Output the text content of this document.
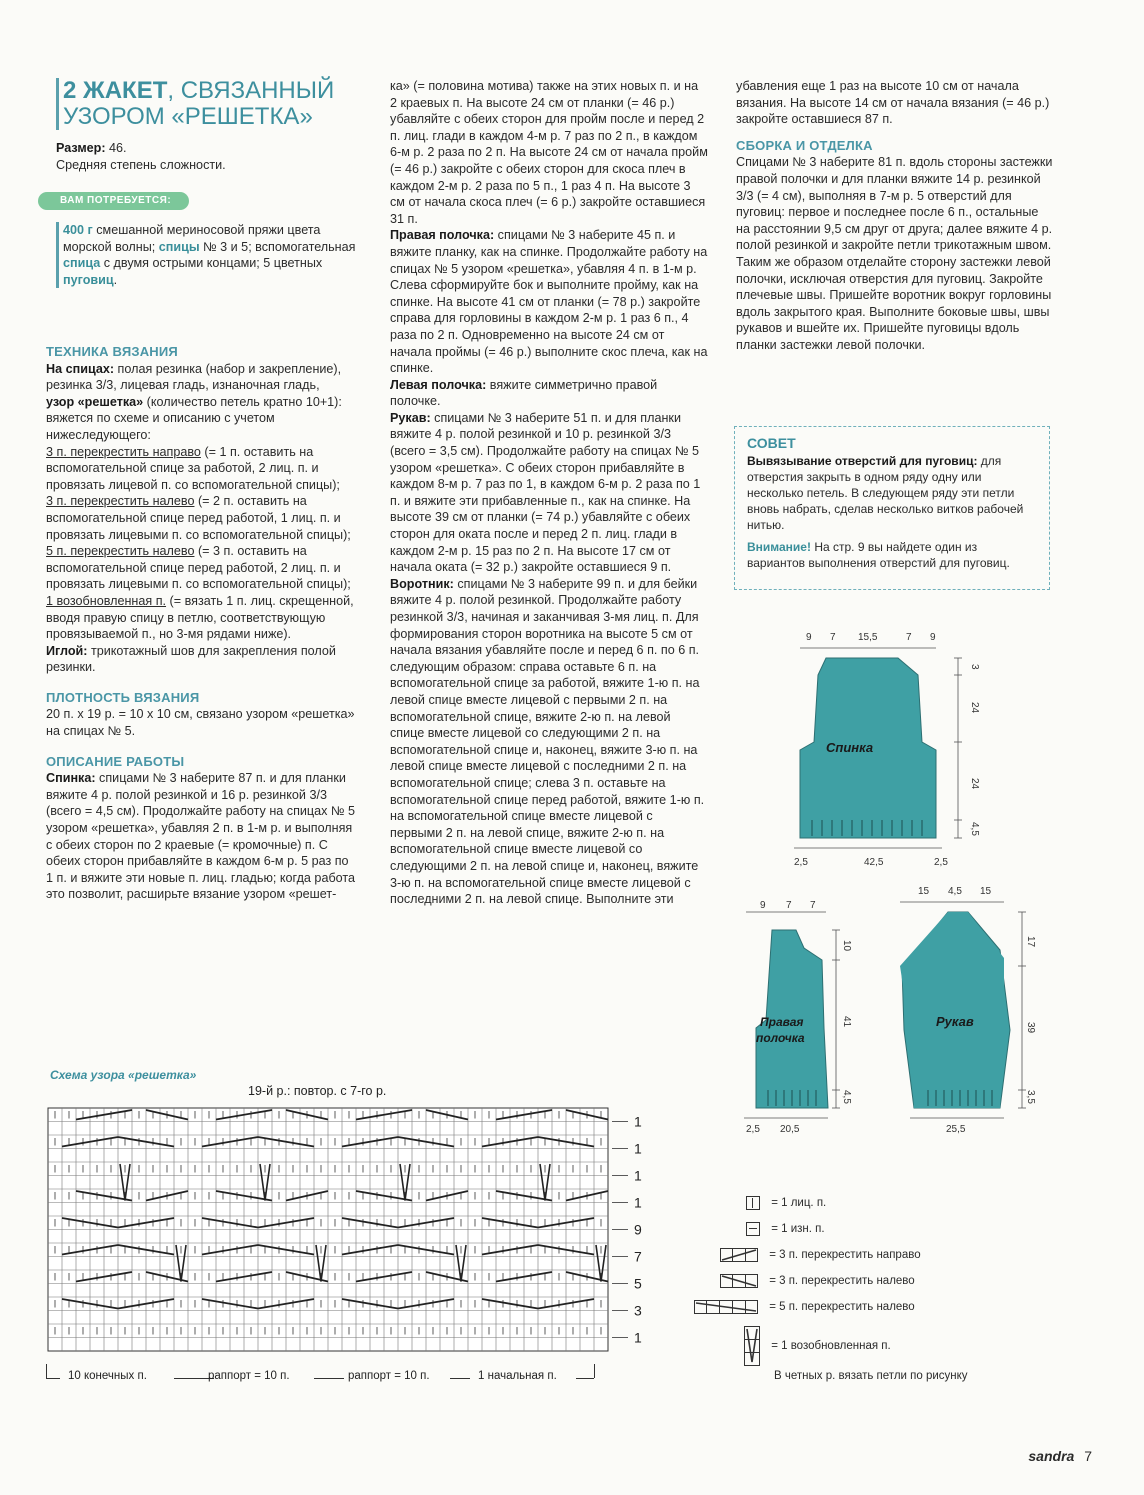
2 ЖАКЕТ, СВЯЗАННЫЙ УЗОРОМ «РЕШЕТКА»

Размер: 46.

Средняя степень сложности.

ВАМ ПОТРЕБУЕТСЯ:
400 г смешанной мериносовой пряжи цвета морской волны; спицы № 3 и 5; вспомогательная спица с двумя острыми концами; 5 цветных пуговиц.
ТЕХНИКА ВЯЗАНИЯ

На спицах: полая резинка (набор и закрепление), резинка 3/3, лицевая гладь, изнаночная гладь,

узор «решетка» (количество петель кратно 10+1): вяжется по схеме и описанию с учетом нижеследующего:

3 п. перекрестить направо (= 1 п. оставить на вспомогательной спице за работой, 2 лиц. п. и провязать лицевой п. со вспомогательной спицы);

3 п. перекрестить налево (= 2 п. оставить на вспомогательной спице перед работой, 1 лиц. п. и провязать лицевыми п. со вспомогательной спицы);

5 п. перекрестить налево (= 3 п. оставить на вспомогательной спице перед работой, 2 лиц. п. и провязать лицевыми п. со вспомогательной спицы);

1 возобновленная п. (= вязать 1 п. лиц. скрещенной, вводя правую спицу в петлю, соответствующую провязываемой п., но 3-мя рядами ниже).

Иглой: трикотажный шов для закрепления полой резинки.

ПЛОТНОСТЬ ВЯЗАНИЯ

20 п. х 19 р. = 10 х 10 см, связано узором «решетка» на спицах № 5.

ОПИСАНИЕ РАБОТЫ

Спинка: спицами № 3 наберите 87 п. и для планки вяжите 4 р. полой резинкой и 16 р. резинкой 3/3 (всего = 4,5 см). Продолжайте работу на спицах № 5 узором «решетка», убавляя 2 п. в 1-м р. и выполняя с обеих сторон по 2 краевые (= кромочные) п. С обеих сторон прибавляйте в каждом 6-м р. 5 раз по 1 п. и вяжите эти новые п. лиц. гладью; когда работа это позволит, расширьте вязание узором «решет-

ка» (= половина мотива) также на этих новых п. и на 2 краевых п. На высоте 24 см от планки (= 46 р.) убавляйте с обеих сторон для пройм после и перед 2 п. лиц. глади в каждом 4-м р. 7 раз по 2 п., в каждом 6-м р. 2 раза по 2 п. На высоте 24 см от начала пройм (= 46 р.) закройте с обеих сторон для скоса плеч в каждом 2-м р. 2 раза по 5 п., 1 раз 4 п. На высоте 3 см от начала скоса плеч (= 6 р.) закройте оставшиеся 31 п.

Правая полочка: спицами № 3 наберите 45 п. и вяжите планку, как на спинке. Продолжайте работу на спицах № 5 узором «решетка», убавляя 4 п. в 1-м р. Слева сформируйте бок и выполните пройму, как на спинке. На высоте 41 см от планки (= 78 р.) закройте справа для горловины в каждом 2-м р. 1 раз 6 п., 4 раза по 2 п. Одновременно на высоте 24 см от начала проймы (= 46 р.) выполните скос плеча, как на спинке.

Левая полочка: вяжите симметрично правой полочке.

Рукав: спицами № 3 наберите 51 п. и для планки вяжите 4 р. полой резинкой и 10 р. резинкой 3/3 (всего = 3,5 см). Продолжайте работу на спицах № 5 узором «решетка». С обеих сторон прибавляйте в каждом 8-м р. 7 раз по 1, в каждом 6-м р. 2 раза по 1 п. и вяжите эти прибавленные п., как на спинке. На высоте 39 см от планки (= 74 р.) убавляйте с обеих сторон для оката после и перед 2 п. лиц. глади в каждом 2-м р. 15 раз по 2 п. На высоте 17 см от начала оката (= 32 р.) закройте оставшиеся 9 п.

Воротник: спицами № 3 наберите 99 п. и для бейки вяжите 4 р. полой резинкой. Продолжайте работу резинкой 3/3, начиная и заканчивая 3-мя лиц. п. Для формирования сторон воротника на высоте 5 см от начала вязания убавляйте после и перед 6 п. по 6 п. следующим образом: справа оставьте 6 п. на вспомогательной спице за работой, вяжите 1-ю п. на левой спице вместе лицевой с первыми 2 п. на вспомогательной спице, вяжите 2-ю п. на левой спице вместе лицевой со следующими 2 п. на вспомогательной спице и, наконец, вяжите 3-ю п. на левой спице вместе лицевой с последними 2 п. на вспомогательной спице; слева 3 п. оставьте на вспомогательной спице перед работой, вяжите 1-ю п. на вспомогательной спице вместе лицевой с первыми 2 п. на левой спице, вяжите 2-ю п. на вспомогательной спице вместе лицевой со следующими 2 п. на левой спице и, наконец, вяжите 3-ю п. на вспомогательной спице вместе лицевой с последними 2 п. на левой спице. Выполните эти

убавления еще 1 раз на высоте 10 см от начала вязания. На высоте 14 см от начала вязания (= 46 р.) закройте оставшиеся 87 п.

СБОРКА И ОТДЕЛКА

Спицами № 3 наберите 81 п. вдоль стороны застежки правой полочки и для планки вяжите 14 р. резинкой 3/3 (= 4 см), выполняя в 7-м р. 5 отверстий для пуговиц: первое и последнее после 6 п., остальные на расстоянии 9,5 см друг от друга; далее вяжите 4 р. полой резинкой и закройте петли трикотажным швом. Таким же образом отделайте сторону застежки левой полочки, исключая отверстия для пуговиц. Закройте плечевые швы. Пришейте воротник вокруг горловины вдоль закрытого края. Выполните боковые швы, швы рукавов и вшейте их. Пришейте пуговицы вдоль планки застежки левой полочки.

СОВЕТ

Вывязывание отверстий для пуговиц: для отверстия закрыть в одном ряду одну или несколько петель. В следующем ряду эти петли вновь набрать, сделав несколько витков рабочей нитью.

Внимание! На стр. 9 вы найдете один из вариантов выполнения отверстий для пуговиц.

Спинка
9 7 15,5	7 9
3
24
24
4,5
2,5	42,5	2,5
Правая
полочка
9 7 7
10
41
4,5
2,5 20,5
Рукав
15 4,5 15
17
39
3,5
25,5
Схема узора «решетка»
19-й р.: повтор. с 7-го р.
1
1
1
1
9
7
5
3
1
10 конечных п.	раппорт = 10 п.	раппорт = 10 п.	1 начальная п.
= 1 лиц. п.
= 1 изн. п.
= 3 п. перекрестить направо
= 3 п. перекрестить налево
= 5 п. перекрестить налево
= 1 возобновленная п.
В четных р. вязать петли по рисунку
sandra 7
